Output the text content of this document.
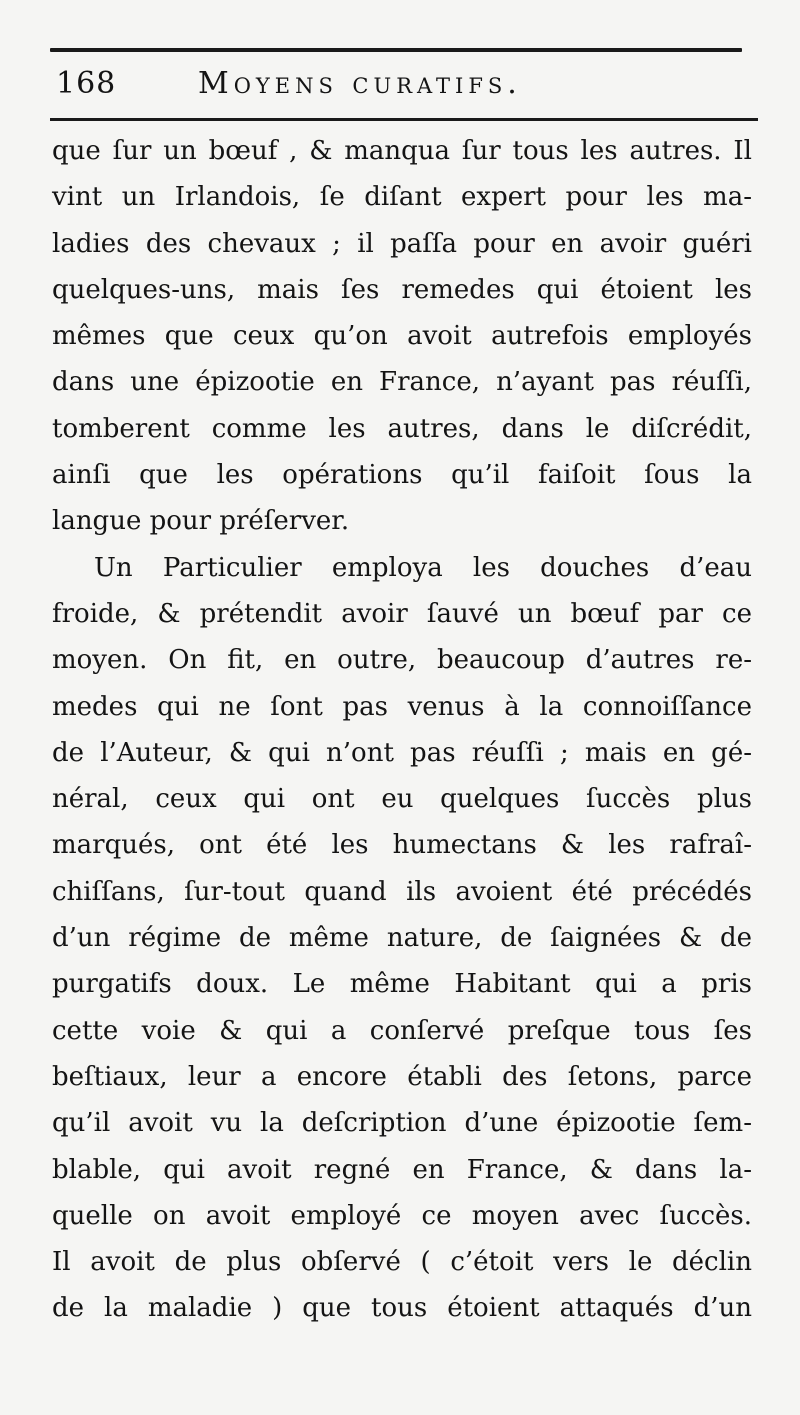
168	Moyens curatifs.
que ſur un bœuf , & manqua ſur tous les autres. Il
vint un Irlandois, ſe diſant expert pour les ma-
ladies des chevaux ; il paſſa pour en avoir guéri
quelques-uns, mais ſes remedes qui étoient les
mêmes que ceux qu’on avoit autrefois employés
dans une épizootie en France, n’ayant pas réuſſi,
tomberent comme les autres, dans le diſcrédit,
ainſi que les opérations qu’il faiſoit ſous la
langue pour préſerver.
Un Particulier employa les douches d’eau
froide, & prétendit avoir ſauvé un bœuf par ce
moyen. On fit, en outre, beaucoup d’autres re-
medes qui ne ſont pas venus à la connoiſſance
de l’Auteur, & qui n’ont pas réuſſi ; mais en gé-
néral, ceux qui ont eu quelques ſuccès plus
marqués, ont été les humectans & les rafraî-
chiſſans, ſur-tout quand ils avoient été précédés
d’un régime de même nature, de ſaignées & de
purgatifs doux. Le même Habitant qui a pris
cette voie & qui a conſervé preſque tous ſes
beſtiaux, leur a encore établi des ſetons, parce
qu’il avoit vu la deſcription d’une épizootie ſem-
blable, qui avoit regné en France, & dans la-
quelle on avoit employé ce moyen avec ſuccès.
Il avoit de plus obſervé ( c’étoit vers le déclin
de la maladie ) que tous étoient attaqués d’un
